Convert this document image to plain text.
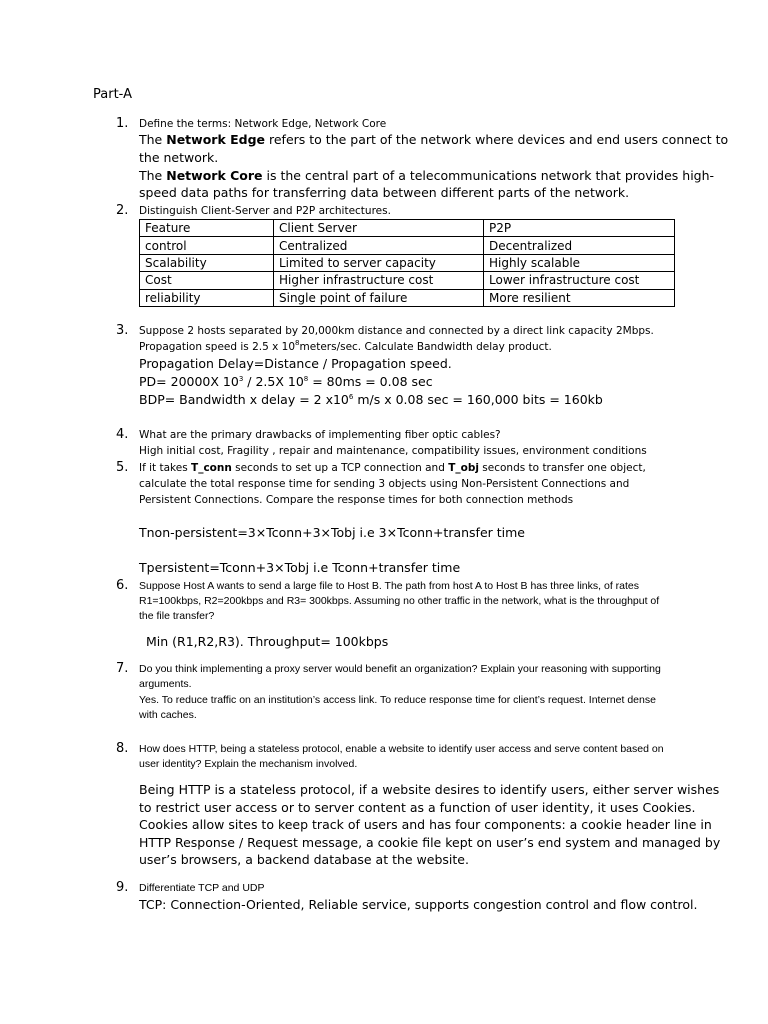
Part-A
1. Define the terms: Network Edge, Network Core
The Network Edge refers to the part of the network where devices and end users connect to
the network.
The Network Core is the central part of a telecommunications network that provides high-
speed data paths for transferring data between different parts of the network.
2. Distinguish Client-Server and P2P architectures.
Feature	Client Server	P2P
control	Centralized	Decentralized
Scalability	Limited to server capacity	Highly scalable
Cost	Higher infrastructure cost	Lower infrastructure cost
reliability	Single point of failure	More resilient
3. Suppose 2 hosts separated by 20,000km distance and connected by a direct link capacity 2Mbps.
Propagation speed is 2.5 x $10^8meters/\sec$. Calculate Bandwidth delay product.
Propagation Delay=Distance / Propagation speed.
PD= 20000X $10^3 / 2.5X$ $10^8 = 80ms = 0.08$ sec
BDP= Bandwidth x delay = 2 $x10^6$ m/s x 0.08 sec = 160,000 bits = 160kb
4. What are the primary drawbacks of implementing fiber optic cables?
High initial cost, Fragility , repair and maintenance, compatibility issues, environment conditions
5. If it takes T_conn seconds to set up a TCP connection and T_obj seconds to transfer one object,
calculate the total response time for sending 3 objects using Non-Persistent Connections and
Persistent Connections. Compare the response times for both connection methods
Tnon-persistent=3×Tconn+3×Tobj i.e 3×Tconn+transfer time
Tpersistent=Tconn+3×Tobj i.e Tconn+transfer time
6. Suppose Host A wants to send a large file to Host B. The path from host A to Host B has three links, of rates
R1=100kbps, R2=200kbps and R3= 300kbps. Assuming no other traffic in the network, what is the throughput of
the file transfer?
Min (R1,R2,R3). Throughput= 100kbps
7. Do you think implementing a proxy server would benefit an organization? Explain your reasoning with supporting
arguments.
Yes. To reduce traffic on an institution’s access link. To reduce response time for client’s request. Internet dense
with caches.
8. How does HTTP, being a stateless protocol, enable a website to identify user access and serve content based on
user identity? Explain the mechanism involved.
Being HTTP is a stateless protocol, if a website desires to identify users, either server wishes
to restrict user access or to server content as a function of user identity, it uses Cookies.
Cookies allow sites to keep track of users and has four components: a cookie header line in
HTTP Response / Request message, a cookie file kept on user’s end system and managed by
user’s browsers, a backend database at the website.
9. Differentiate TCP and UDP
TCP: Connection-Oriented, Reliable service, supports congestion control and flow control.
